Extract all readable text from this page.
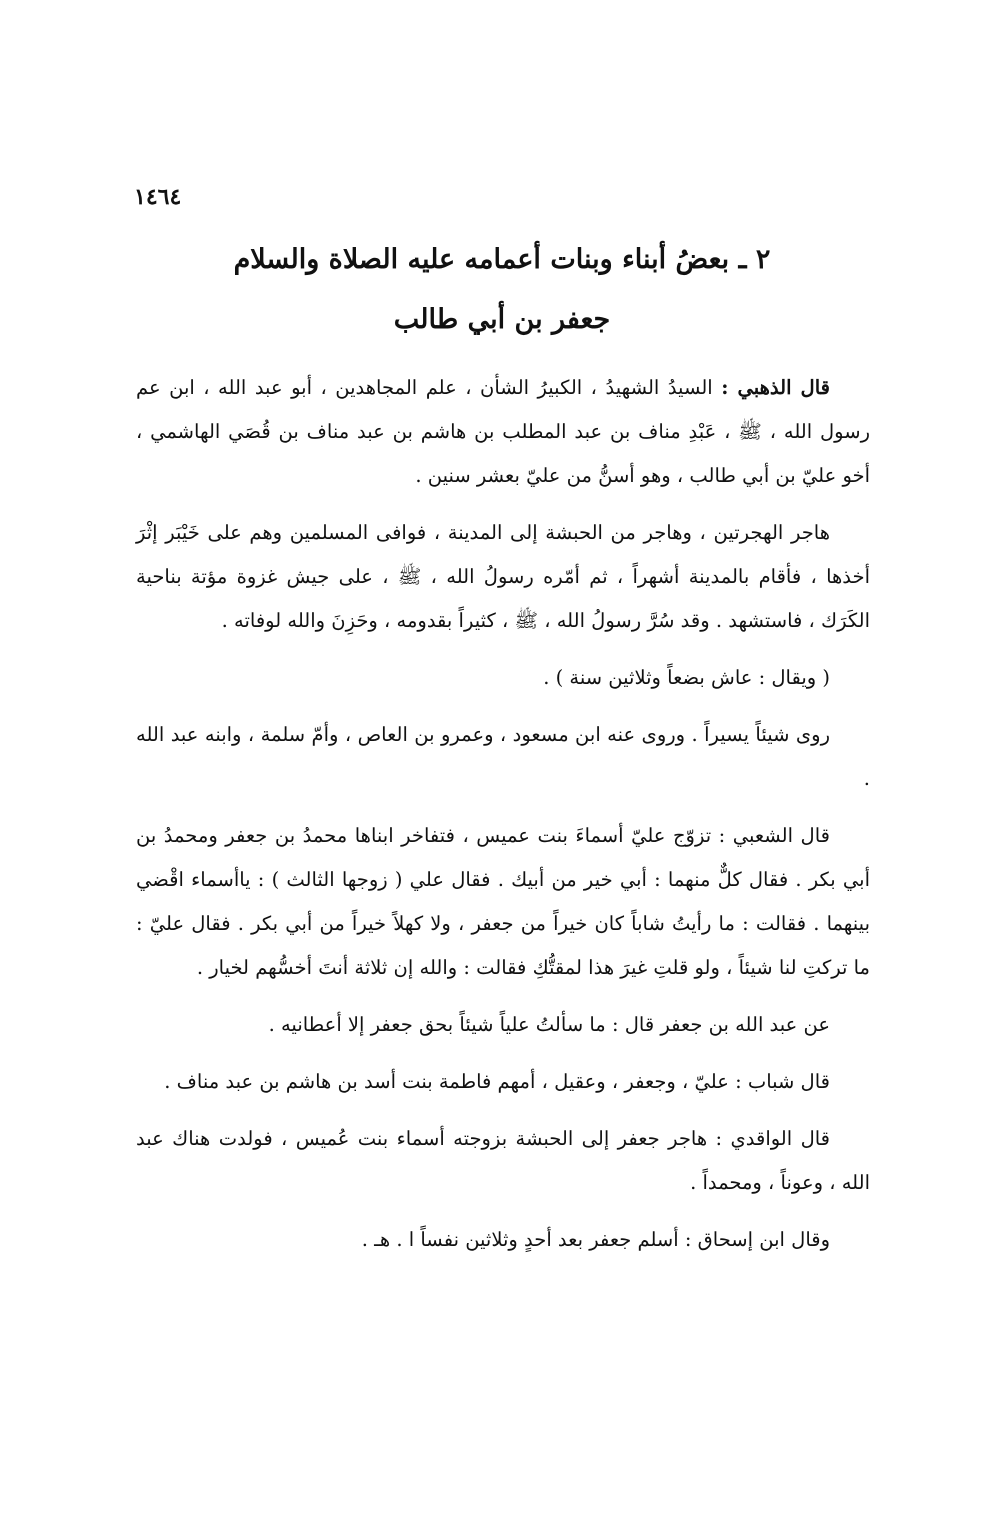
١٤٦٤
٢ ـ بعضُ أبناء وبنات أعمامه عليه الصلاة والسلام
جعفر بن أبي طالب

قال الذهبي : السيدُ الشهيدُ ، الكبيرُ الشأن ، علم المجاهدين ، أبو عبد الله ، ابن عم رسول الله ، ﷺ ، عَبْدِ مناف بن عبد المطلب بن هاشم بن عبد مناف بن قُصَي الهاشمي ، أخو عليّ بن أبي طالب ، وهو أسنُّ من عليّ بعشر سنين .

هاجر الهجرتين ، وهاجر من الحبشة إلى المدينة ، فوافى المسلمين وهم على خَيْبَر إثْرَ أخذها ، فأقام بالمدينة أشهراً ، ثم أمّره رسولُ الله ، ﷺ ، على جيش غزوة مؤتة بناحية الكَرَك ، فاستشهد . وقد سُرَّ رسولُ الله ، ﷺ ، كثيراً بقدومه ، وحَزِنَ والله لوفاته .

( ويقال : عاش بضعاً وثلاثين سنة ) .

روى شيئاً يسيراً . وروى عنه ابن مسعود ، وعمرو بن العاص ، وأمّ سلمة ، وابنه عبد الله .

قال الشعبي : تزوّج عليّ أسماءَ بنت عميس ، فتفاخر ابناها محمدُ بن جعفر ومحمدُ بن أبي بكر . فقال كلٌّ منهما : أبي خير من أبيك . فقال علي ( زوجها الثالث ) : ياأسماء اقْضي بينهما . فقالت : ما رأيتُ شاباً كان خيراً من جعفر ، ولا كهلاً خيراً من أبي بكر . فقال عليّ : ما تركتِ لنا شيئاً ، ولو قلتِ غيرَ هذا لمقتُّكِ فقالت : والله إن ثلاثة أنتَ أخسُّهم لخيار .

عن عبد الله بن جعفر قال : ما سألتُ علياً شيئاً بحق جعفر إلا أعطانيه .

قال شباب : عليّ ، وجعفر ، وعقيل ، أمهم فاطمة بنت أسد بن هاشم بن عبد مناف .

قال الواقدي : هاجر جعفر إلى الحبشة بزوجته أسماء بنت عُميس ، فولدت هناك عبد الله ، وعوناً ، ومحمداً .

وقال ابن إسحاق : أسلم جعفر بعد أحدٍ وثلاثين نفساً ا . هـ .
